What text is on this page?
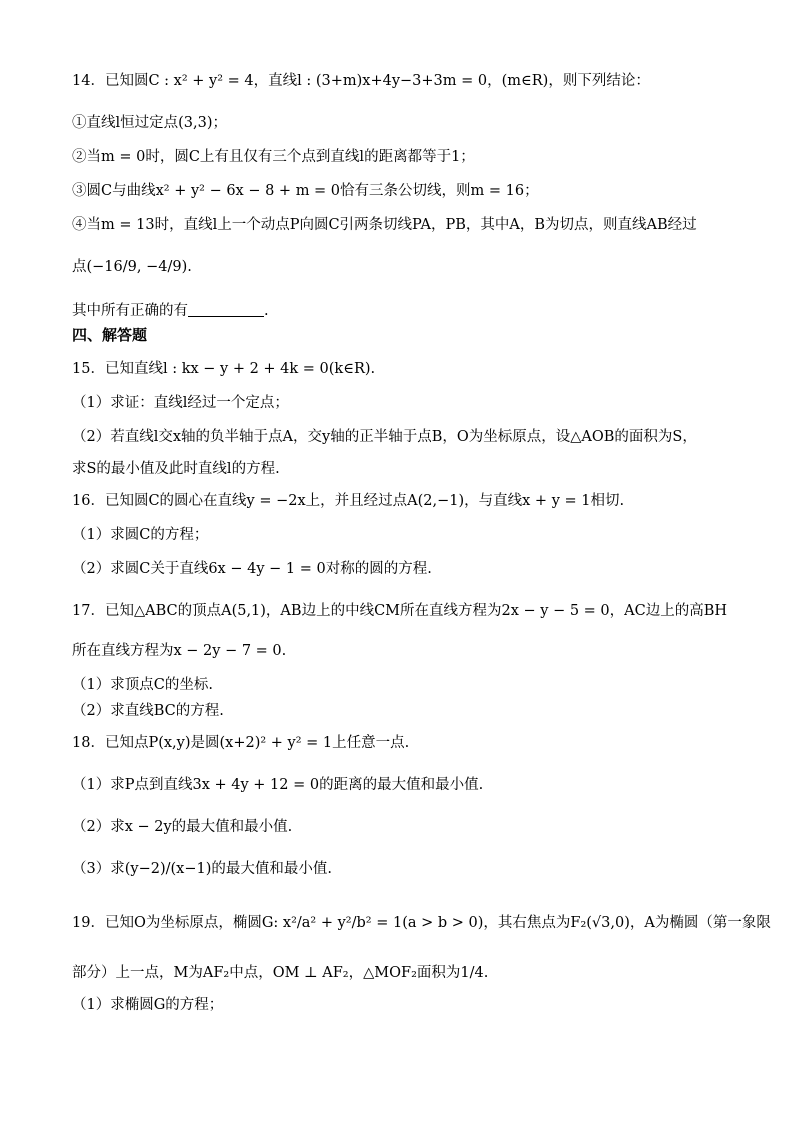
14．已知圆C : x² + y² = 4，直线l : (3+m)x+4y−3+3m = 0，(m∈R)，则下列结论：
①直线l恒过定点(3,3)；
②当m = 0时，圆C上有且仅有三个点到直线l的距离都等于1；
③圆C与曲线x² + y² − 6x − 8 + m = 0恰有三条公切线，则m = 16；
④当m = 13时，直线l上一个动点P向圆C引两条切线PA，PB，其中A，B为切点，则直线AB经过
点(−16/9, −4/9).
其中所有正确的有	.
四、解答题
15．已知直线l : kx − y + 2 + 4k = 0(k∈R).
（1）求证：直线l经过一个定点；
（2）若直线l交x轴的负半轴于点A，交y轴的正半轴于点B，O为坐标原点，设△AOB的面积为S，
求S的最小值及此时直线l的方程.
16．已知圆C的圆心在直线y = −2x上，并且经过点A(2,−1)，与直线x + y = 1相切.
（1）求圆C的方程；
（2）求圆C关于直线6x − 4y − 1 = 0对称的圆的方程.
17．已知△ABC的顶点A(5,1)，AB边上的中线CM所在直线方程为2x − y − 5 = 0，AC边上的高BH
所在直线方程为x − 2y − 7 = 0.
（1）求顶点C的坐标.
（2）求直线BC的方程.
18．已知点P(x,y)是圆(x+2)² + y² = 1上任意一点.
（1）求P点到直线3x + 4y + 12 = 0的距离的最大值和最小值.
（2）求x − 2y的最大值和最小值.
（3）求(y−2)/(x−1)的最大值和最小值.
19．已知O为坐标原点，椭圆G: x²/a² + y²/b² = 1(a > b > 0)，其右焦点为F₂(√3,0)，A为椭圆（第一象限
部分）上一点，M为AF₂中点，OM ⊥ AF₂，△MOF₂面积为1/4.
（1）求椭圆G的方程；
